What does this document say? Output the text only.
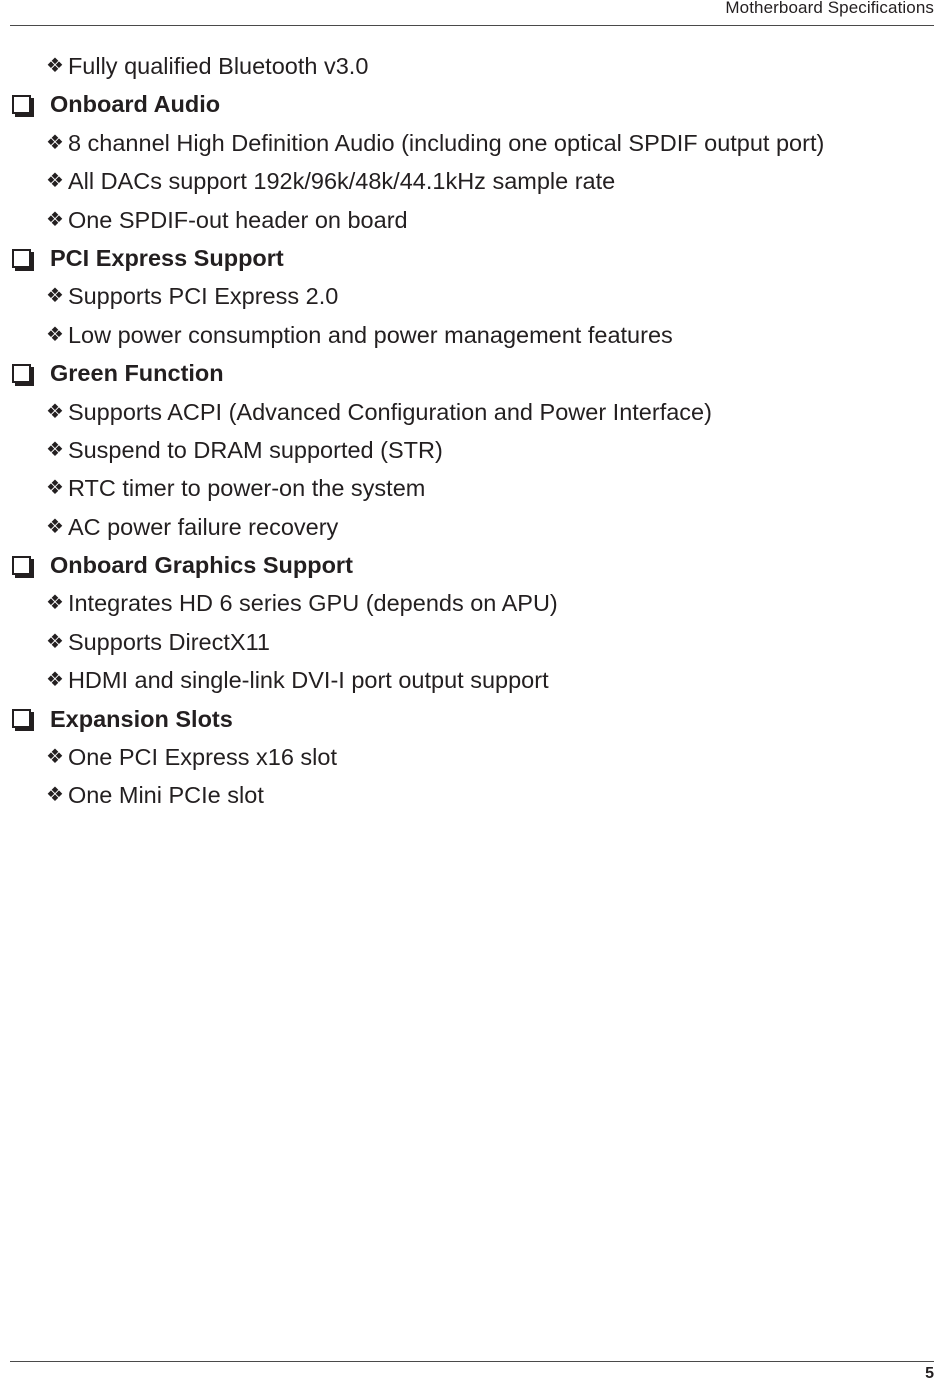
Motherboard Specifications
❖ Fully qualified Bluetooth v3.0
Onboard Audio
❖ 8 channel High Definition Audio (including one optical SPDIF output port)
❖ All DACs support 192k/96k/48k/44.1kHz sample rate
❖ One SPDIF-out header on board
PCI Express Support
❖ Supports PCI Express 2.0
❖ Low power consumption and power management features
Green Function
❖ Supports ACPI (Advanced Configuration and Power Interface)
❖ Suspend to DRAM supported (STR)
❖ RTC timer to power-on the system
❖ AC power failure recovery
Onboard Graphics Support
❖ Integrates HD 6 series GPU (depends on APU)
❖ Supports DirectX11
❖ HDMI and single-link DVI-I port output support
Expansion Slots
❖ One PCI Express x16 slot
❖ One Mini PCIe slot
5
